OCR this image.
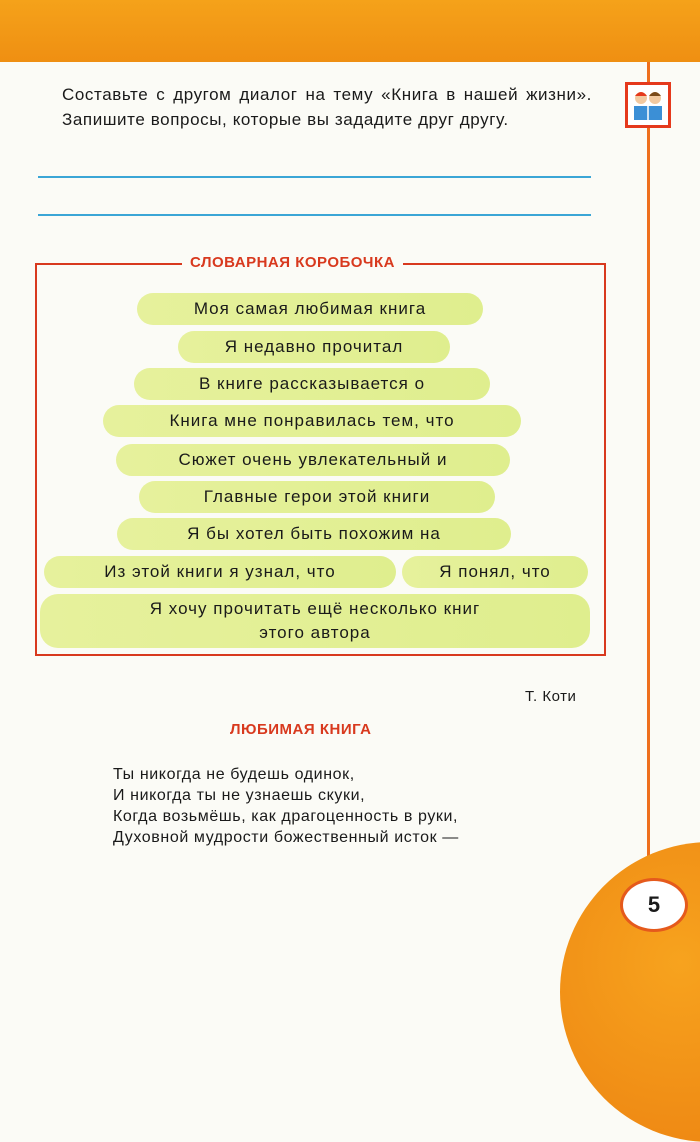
5
Составьте с другом диалог на тему «Книга в нашей жизни». Запишите вопросы, которые вы зададите друг другу.
СЛОВАРНАЯ КОРОБОЧКА
Моя самая любимая книга
Я недавно прочитал
В книге рассказывается о
Книга мне понравилась тем, что
Сюжет очень увлекательный и
Главные герои этой книги
Я бы хотел быть похожим на
Из этой книги я узнал, что	Я понял, что
Я хочу прочитать ещё несколько книг
этого автора
Т. Коти
ЛЮБИМАЯ КНИГА
Ты никогда не будешь одинок,
И никогда ты не узнаешь скуки,
Когда возьмёшь, как драгоценность в руки,
Духовной мудрости божественный исток —
